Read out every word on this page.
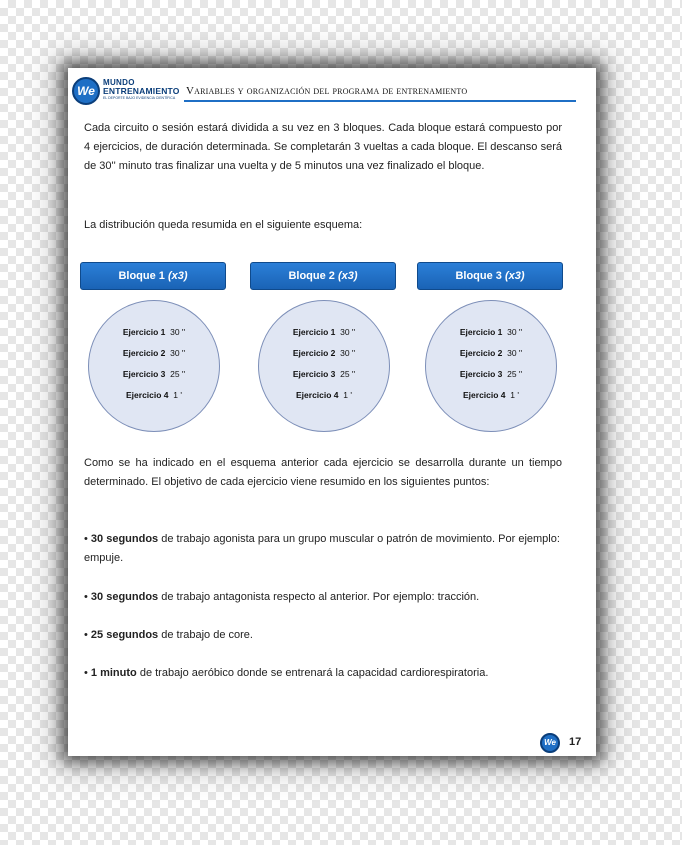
We
MUNDO
ENTRENAMIENTO
EL DEPORTE BAJO EVIDENCIA CIENTÍFICA
Variables y organización del programa de entrenamiento
Cada circuito o sesión estará dividida a su vez en 3 bloques. Cada bloque estará compuesto por 4 ejercicios, de duración determinada. Se completarán 3 vueltas a cada bloque. El descanso será de 30'' minuto tras finalizar una vuelta y de 5 minutos una vez finalizado el bloque.
La distribución queda resumida en el siguiente esquema:
Bloque 1 (x3)
Ejercicio 1 30 ''
Ejercicio 2 30 ''
Ejercicio 3 25 ''
Ejercicio 4 1 '
Bloque 2 (x3)
Ejercicio 1 30 ''
Ejercicio 2 30 ''
Ejercicio 3 25 ''
Ejercicio 4 1 '
Bloque 3 (x3)
Ejercicio 1 30 ''
Ejercicio 2 30 ''
Ejercicio 3 25 ''
Ejercicio 4 1 '
Como se ha indicado en el esquema anterior cada ejercicio se desarrolla durante un tiempo determinado. El objetivo de cada ejercicio viene resumido en los siguientes puntos:
• 30 segundos de trabajo agonista para un grupo muscular o patrón de movimiento. Por ejemplo: empuje.
• 30 segundos de trabajo antagonista respecto al anterior. Por ejemplo: tracción.
• 25 segundos de trabajo de core.
• 1 minuto de trabajo aeróbico donde se entrenará la capacidad cardiorespiratoria.
We	17
